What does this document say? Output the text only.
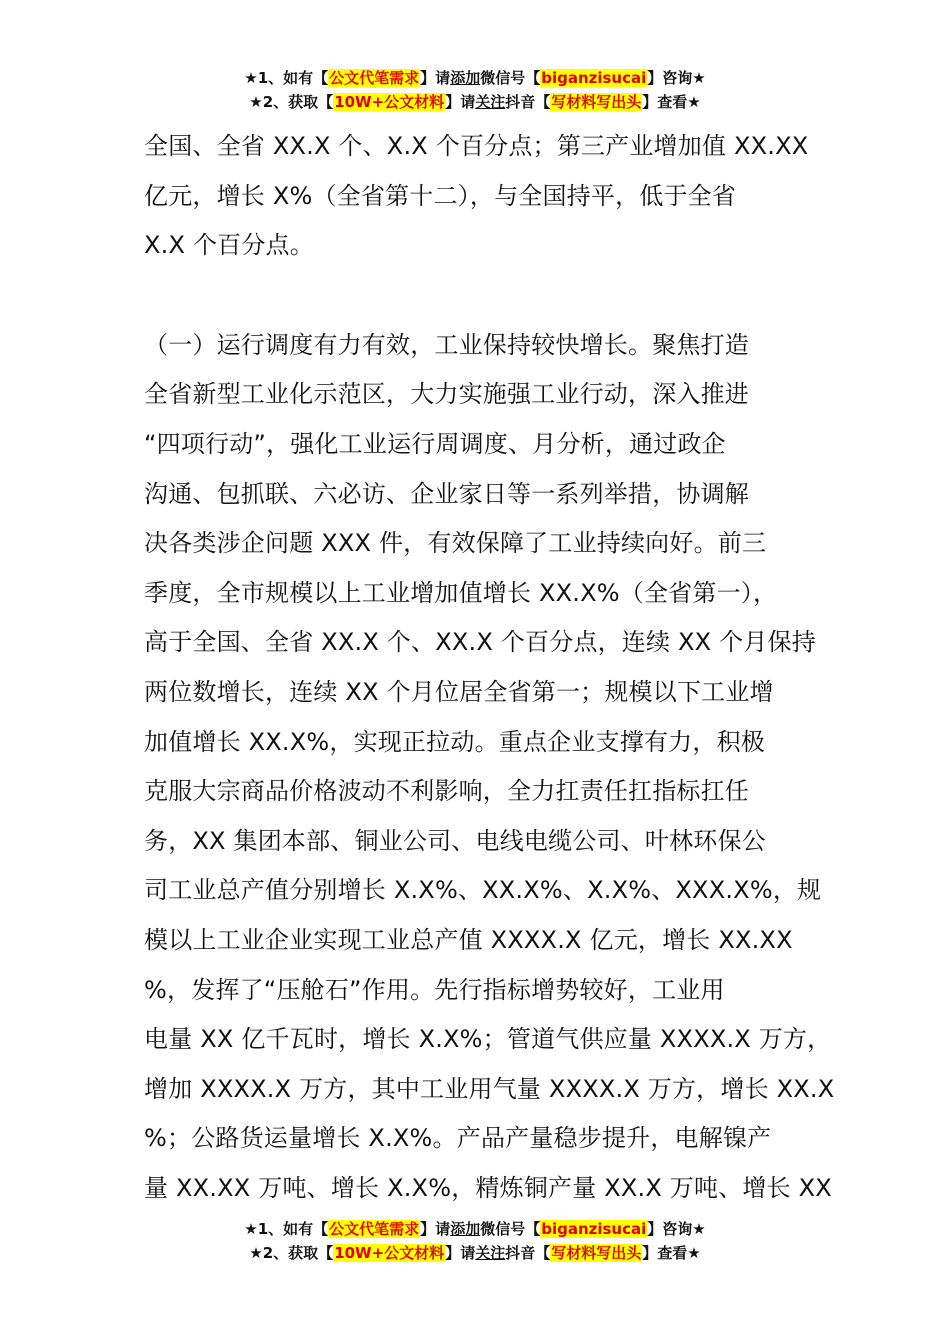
★1、如有【公文代笔需求】请添加微信号【biganzisucai】咨询★
★2、获取【10W+公文材料】请关注抖音【写材料写出头】查看★
全国、全省 XX.X 个、X.X 个百分点；第三产业增加值 XX.XX
亿元，增长 X%（全省第十二），与全国持平，低于全省
X.X 个百分点。
（一）运行调度有力有效，工业保持较快增长。聚焦打造
全省新型工业化示范区，大力实施强工业行动，深入推进
“四项行动”，强化工业运行周调度、月分析，通过政企
沟通、包抓联、六必访、企业家日等一系列举措，协调解
决各类涉企问题 XXX 件，有效保障了工业持续向好。前三
季度，全市规模以上工业增加值增长 XX.X%（全省第一），
高于全国、全省 XX.X 个、XX.X 个百分点，连续 XX 个月保持
两位数增长，连续 XX 个月位居全省第一；规模以下工业增
加值增长 XX.X%，实现正拉动。重点企业支撑有力，积极
克服大宗商品价格波动不利影响，全力扛责任扛指标扛任
务，XX 集团本部、铜业公司、电线电缆公司、叶林环保公
司工业总产值分别增长 X.X%、XX.X%、X.X%、XXX.X%，规
模以上工业企业实现工业总产值 XXXX.X 亿元，增长 XX.XX
%，发挥了“压舱石”作用。先行指标增势较好，工业用
电量 XX 亿千瓦时，增长 X.X%；管道气供应量 XXXX.X 万方，
增加 XXXX.X 万方，其中工业用气量 XXXX.X 万方，增长 XX.X
%；公路货运量增长 X.X%。产品产量稳步提升，电解镍产
量 XX.XX 万吨、增长 X.X%，精炼铜产量 XX.X 万吨、增长 XX
★1、如有【公文代笔需求】请添加微信号【biganzisucai】咨询★
★2、获取【10W+公文材料】请关注抖音【写材料写出头】查看★
